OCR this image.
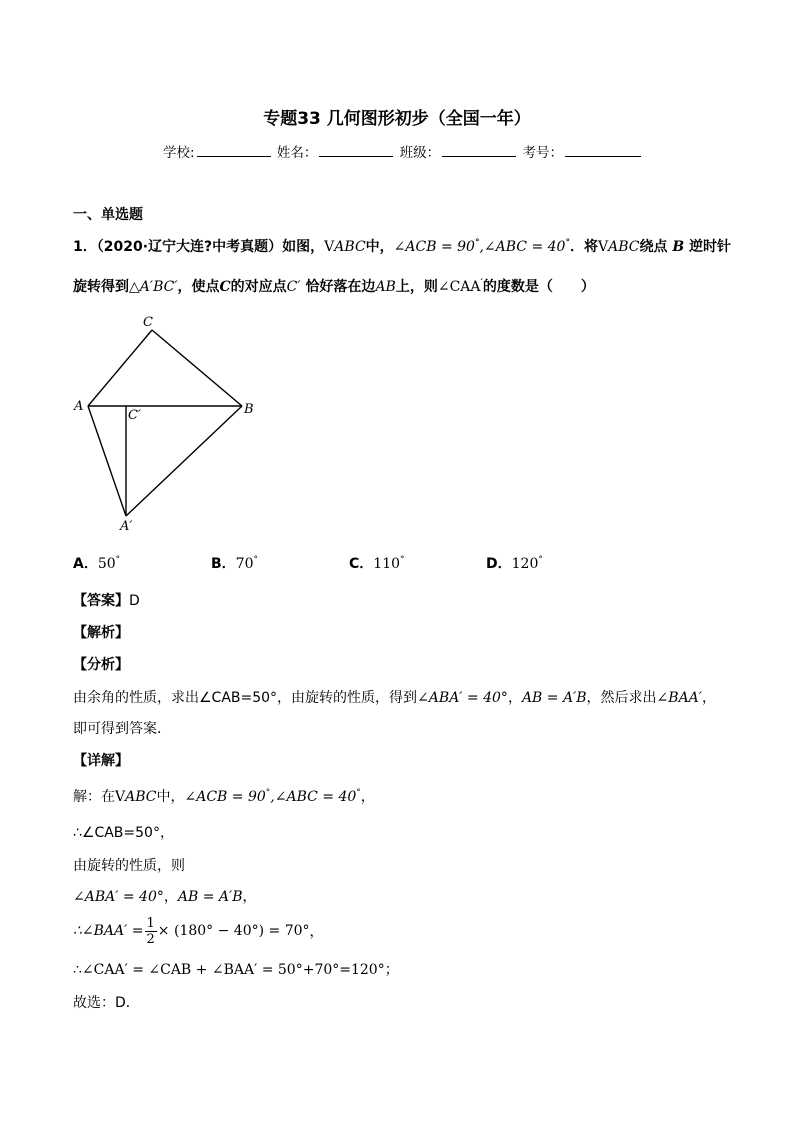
专题33 几何图形初步（全国一年）
学校:	姓名：	班级：	考号：
一、单选题
1．（2020·辽宁大连?中考真题）如图，VABC中，∠ACB = 90°,∠ABC = 40°．将VABC绕点 B 逆时针
旋转得到△A′BC′，使点C的对应点C′ 恰好落在边AB上，则∠CAA′的度数是（　　）
C
A	B
C′
A′
A．50°	B．70°	C．110°	D．120°
【答案】D
【解析】
【分析】
由余角的性质，求出∠CAB=50°，由旋转的性质，得到∠ABA′ = 40°，AB = A′B，然后求出∠BAA′，
即可得到答案．
【详解】
解：在VABC中，∠ACB = 90°,∠ABC = 40°，
∴∠CAB=50°，
由旋转的性质，则
∠ABA′ = 40°，AB = A′B，
∴∠BAA′ = $\frac{1}{2} \times (180^\circ - 40^\circ) = 70^\circ$ ，
∴∠CAA′ = ∠CAB + ∠BAA′ = 50°+70°=120°；
故选：D．
